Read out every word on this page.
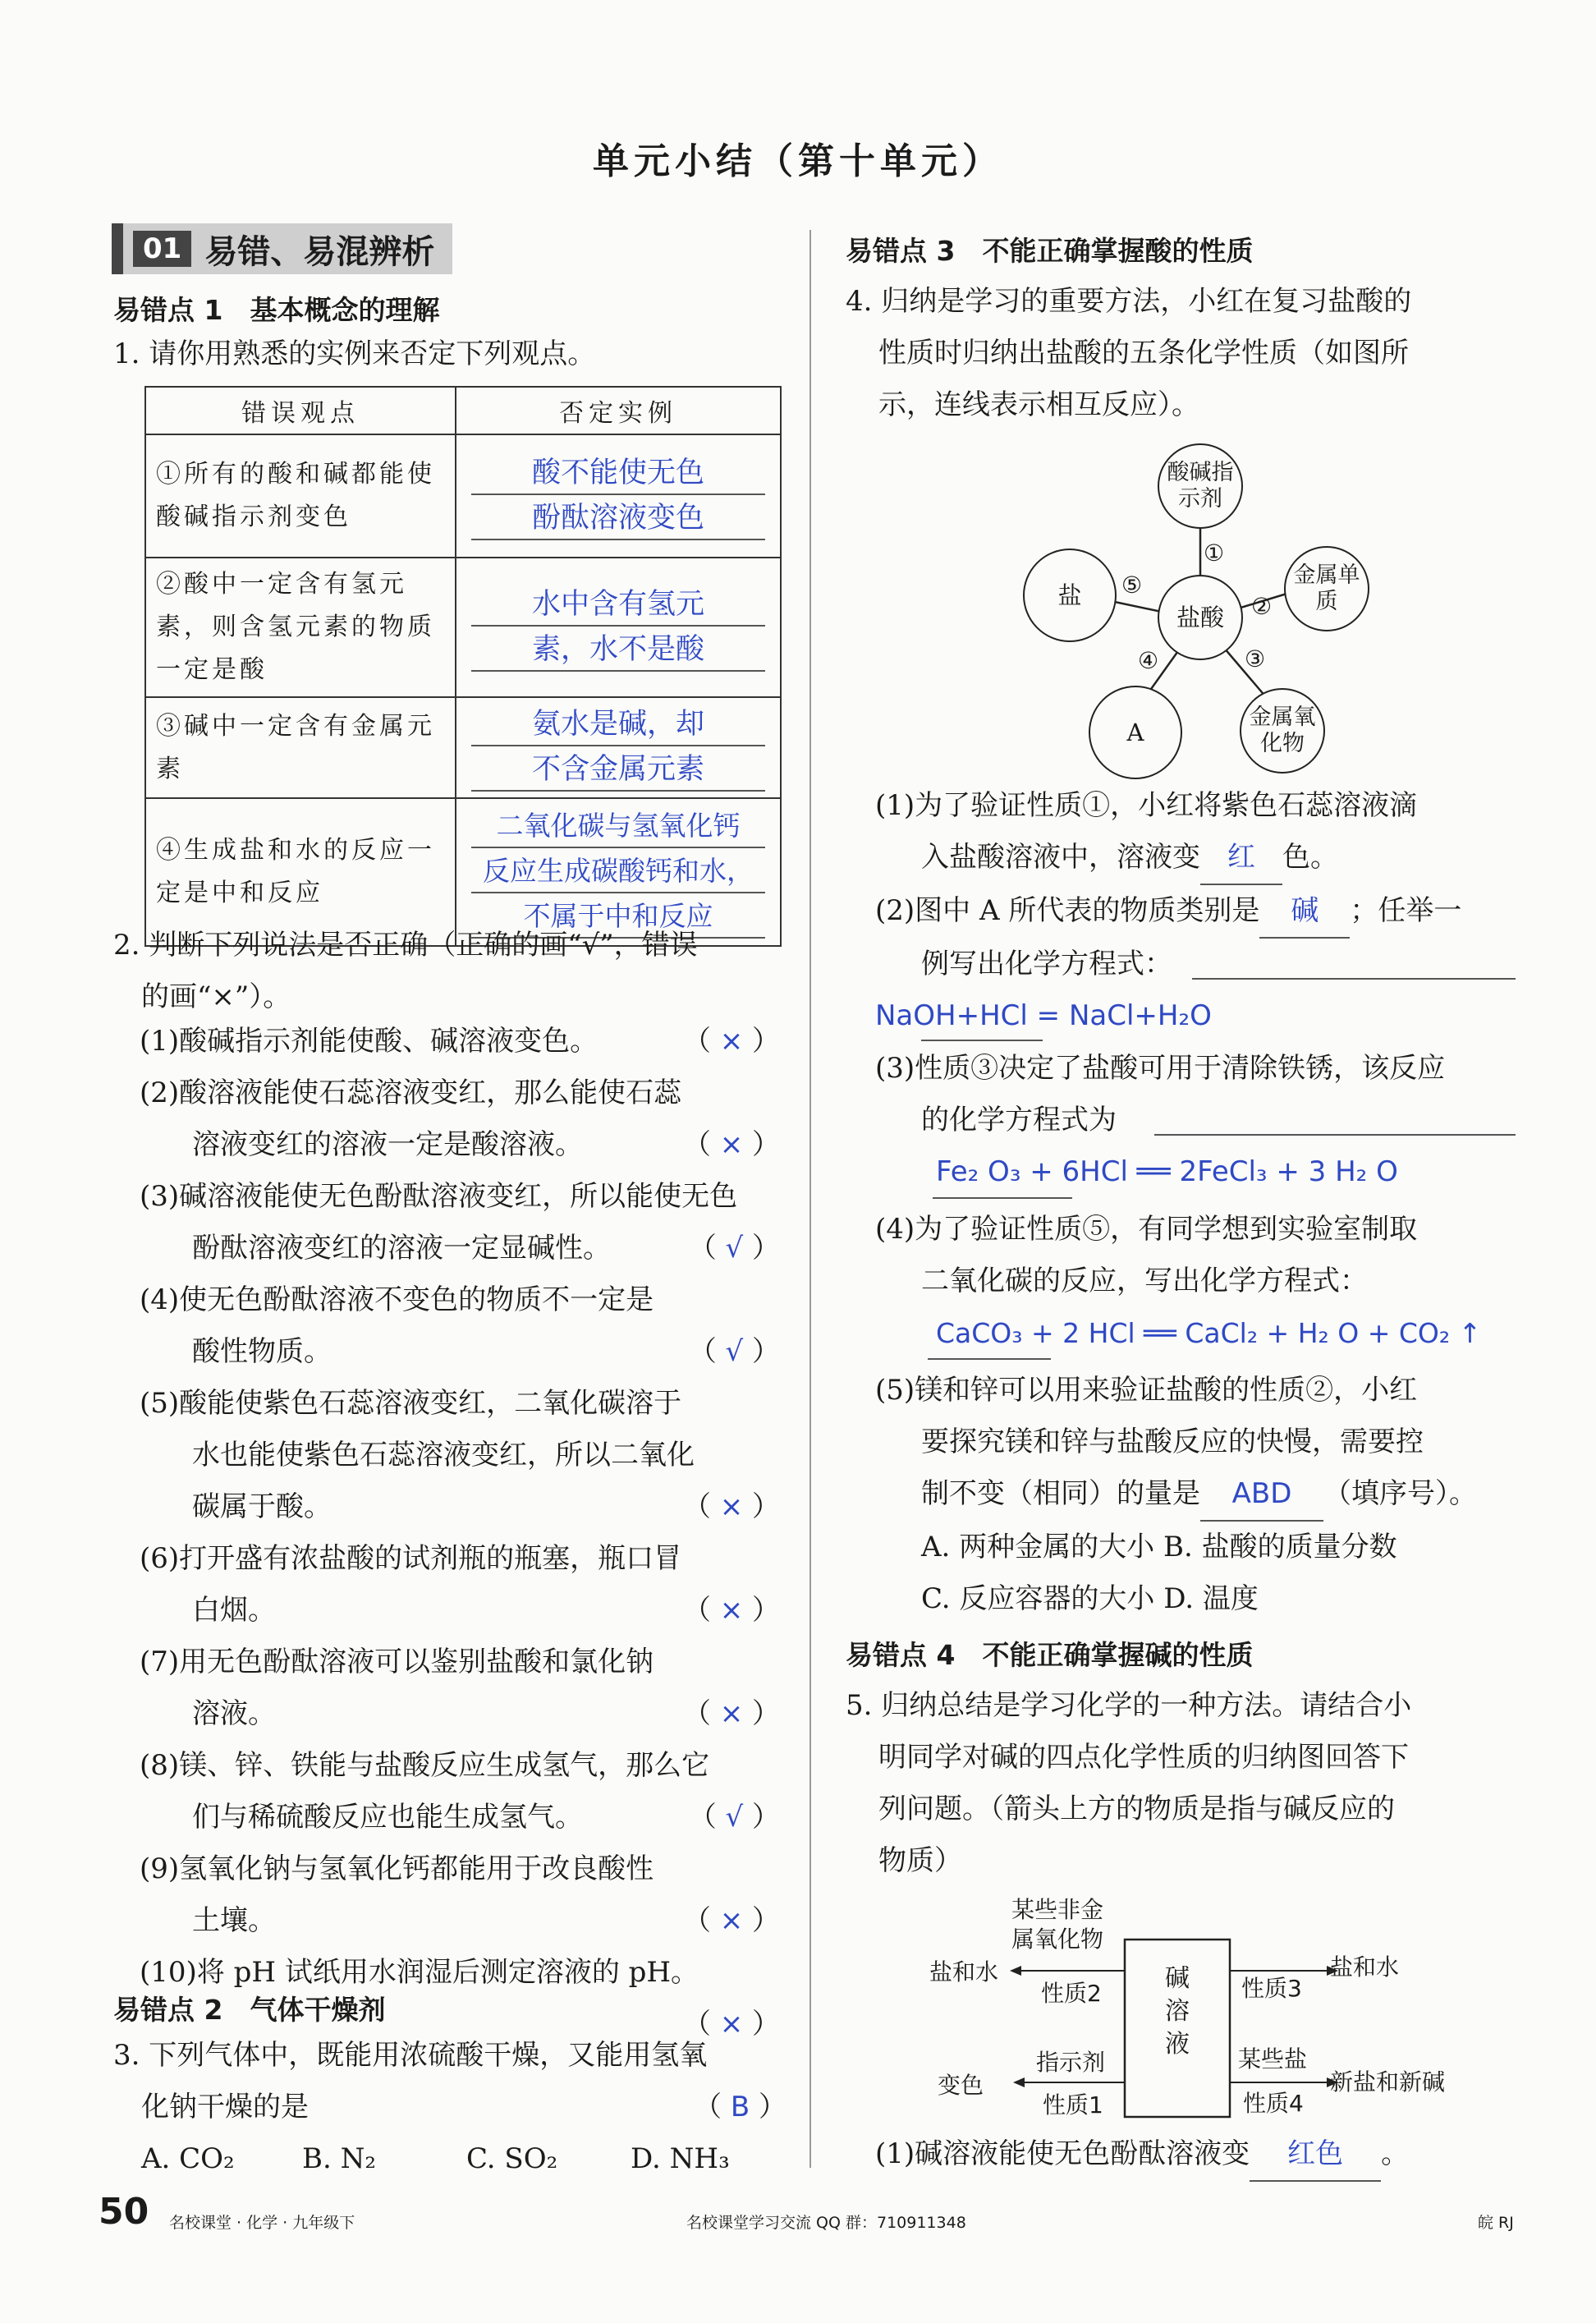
单元小结（第十单元）
01 易错、易混辨析
易错点 1　基本概念的理解
1. 请你用熟悉的实例来否定下列观点。
错误观点	否定实例
①所有的酸和碱都能使酸碱指示剂变色	酸不能使无色
酚酞溶液变色

②酸中一定含有氢元素，则含氢元素的物质一定是酸	水中含有氢元
素，水不是酸

③碱中一定含有金属元素	氨水是碱，却
不含金属元素

④生成盐和水的反应一定是中和反应	二氧化碳与氢氧化钙
反应生成碳酸钙和水，
不属于中和反应
2. 判断下列说法是否正确（正确的画“√”，错误
的画“×”）。
(1)酸碱指示剂能使酸、碱溶液变色。	（ × ）
(2)酸溶液能使石蕊溶液变红，那么能使石蕊
溶液变红的溶液一定是酸溶液。	（ × ）
(3)碱溶液能使无色酚酞溶液变红，所以能使无色
酚酞溶液变红的溶液一定显碱性。	（ √ ）
(4)使无色酚酞溶液不变色的物质不一定是
酸性物质。	（ √ ）
(5)酸能使紫色石蕊溶液变红，二氧化碳溶于
水也能使紫色石蕊溶液变红，所以二氧化
碳属于酸。	（ × ）
(6)打开盛有浓盐酸的试剂瓶的瓶塞，瓶口冒
白烟。	（ × ）
(7)用无色酚酞溶液可以鉴别盐酸和氯化钠
溶液。	（ × ）
(8)镁、锌、铁能与盐酸反应生成氢气，那么它
们与稀硫酸反应也能生成氢气。	（ √ ）
(9)氢氧化钠与氢氧化钙都能用于改良酸性
土壤。	（ × ）
(10)将 pH 试纸用水润湿后测定溶液的 pH。
（ × ）
易错点 2　气体干燥剂
3. 下列气体中，既能用浓硫酸干燥，又能用氢氧
化钠干燥的是	（ B ）
A. CO₂	B. N₂	C. SO₂	D. NH₃
易错点 3　不能正确掌握酸的性质
4. 归纳是学习的重要方法，小红在复习盐酸的
性质时归纳出盐酸的五条化学性质（如图所
示，连线表示相互反应）。
酸碱指示剂
盐酸
金属单质
金属氧化物
A
盐
①
②
③
④
⑤
(1)为了验证性质①，小红将紫色石蕊溶液滴
入盐酸溶液中，溶液变 红 色。
(2)图中 A 所代表的物质类别是 碱 ；任举一
例写出化学方程式：
NaOH+HCl = NaCl+H₂O
(3)性质③决定了盐酸可用于清除铁锈，该反应
的化学方程式为
Fe₂ O₃ + 6HCl ══ 2FeCl₃ + 3 H₂ O
(4)为了验证性质⑤，有同学想到实验室制取
二氧化碳的反应，写出化学方程式：
CaCO₃ + 2 HCl ══ CaCl₂ + H₂ O + CO₂ ↑
(5)镁和锌可以用来验证盐酸的性质②，小红
要探究镁和锌与盐酸反应的快慢，需要控
制不变（相同）的量是 ABD （填序号）。
A. 两种金属的大小 B. 盐酸的质量分数
C. 反应容器的大小 D. 温度
易错点 4　不能正确掌握碱的性质
5. 归纳总结是学习化学的一种方法。请结合小
明同学对碱的四点化学性质的归纳图回答下
列问题。（箭头上方的物质是指与碱反应的
物质）
碱
溶
液
某些非金
属氧化物
盐和水
性质2
盐和水
性质3
指示剂
变色
性质1
某些盐
新盐和新碱
性质4
(1)碱溶液能使无色酚酞溶液变 红色 。
50 名校课堂 · 化学 · 九年级下	名校课堂学习交流 QQ 群：710911348	皖 RJ
